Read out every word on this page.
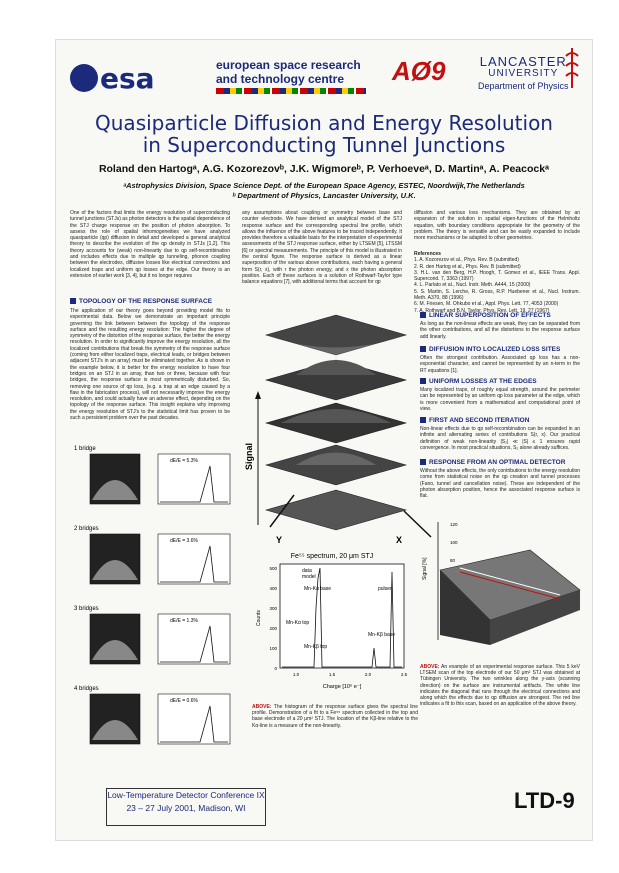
esa	european space research
and technology centre	AØ9	LANCASTER
UNIVERSITY
Department of Physics
Quasiparticle Diffusion and Energy Resolution
in Superconducting Tunnel Junctions
Roland den Hartogᵃ, A.G. Kozorezovᵇ, J.K. Wigmoreᵇ, P. Verhoeveᵃ, D. Martinᵃ, A. Peacockᵃ
ᵃAstrophysics Division, Space Science Dept. of the European Space Agency, ESTEC, Noordwijk,The Netherlands
ᵇ Department of Physics, Lancaster University, U.K.
One of the factors that limits the energy resolution of superconducting tunnel junctions (STJs) as photon detectors is the spatial dependence of the STJ charge response on the position of photon absorption. To assess the role of spatial inhomogeneities we have analyzed quasiparticle (qp) diffusion in detail and developed a general analytical theory to describe the evolution of the qp density in STJs [1,2]. This theory accounts for (weak) non-linearity due to qp self-recombination and includes effects due to multiple qp tunneling, phonon coupling between the electrodes, diffusive losses like electrical connections and localized traps and uniform qp losses at the edge. Our theory is an extension of earlier work [3, 4], but it no longer requires
any assumptions about coupling or symmetry between base and counter electrode. We have derived an analytical model of the STJ response surface and the corresponding spectral line profile, which allows the influence of the above features to be traced independently. It provides therefore a valuable basis for the interpretation of experimental assessments of the STJ response surface, either by LTSEM [5], LTSSM [6] or spectral measurements. The principle of this model is illustrated in the central figure. The response surface is derived as a linear superposition of the various above contributions, each having a general form S(r, x), with r the photon energy, and x the photon absorption position. Each of these surfaces is a solution of Rothwarf-Taylor type balance equations [7], with additional terms that account for qp
diffusion and various loss mechanisms. They are obtained by an expansion of the solution in spatial eigen-functions of the Helmholtz equation, with boundary conditions appropriate for the geometry of the problem. The theory is versatile and can be easily expanded to include more mechanisms or be adapted to other geometries.
References
1. A. Kozorezov et al., Phys. Rev. B (submitted)
2. R. den Hartog et al., Phys. Rev. B (submitted)
3. H.L. van den Berg, H.P. Hoogh, T. Gomez et al., IEEE Trans. Appl. Supercond. 7, 3363 (1997)
4. L. Parlato et al., Nucl. Instr. Meth. A444, 15 (2000)
5. S. Martin, S. Lerche, R. Gross, R.P. Huebener et al., Nucl. Instrum. Meth. A370, 88 (1996)
6. M. Friesen, M. Ohkubo et al., Appl. Phys. Lett. 77, 4053 (2000)
7. A. Rothwarf and B.N. Taylor, Phys. Rev. Lett. 19, 27 (1967)
TOPOLOGY OF THE RESPONSE SURFACE
The application of our theory goes beyond providing model fits to experimental data. Below we demonstrate an important principle governing the link between between the topology of the response surface and the resulting energy resolution: The higher the degree of symmetry of the distortion of the response surface, the better the energy resolution. In order to significantly improve the energy resolution, all the localized contributions that break the symmetry of the response surface (coming from either localized traps, electrical leads, or bridges between adjacent STJ's in an array) must be eliminated together. As is shown in the example below, it is better for the energy resolution to have four bridges on an STJ in an array, than two or three, because with four bridges, the response surface is most symmetrically disturbed. So, removing one source of qp loss, (e.g. a trap at an edge caused by a flaw in the fabrication process), will not necessarily improve the energy resolution, and could actually have an adverse effect, depending on the topology of the response surface. This insight explains why improving the energy resolution of STJ's to the statistical limit has proven to be such a persistent problem over the past decades.
1 bridge
dE/E = 5.3%
2 bridges
dE/E = 3.6%
3 bridges
dE/E = 1.3%
4 bridges
dE/E = 0.6%
Signal
Y	X
LINEAR SUPERPOSITION OF EFFECTS
As long as the non-linear effects are weak, they can be separated from the other contributions, and all the distortions to the response surface add linearly.
DIFFUSION INTO LOCALIZED LOSS SITES
Often the strongest contribution. Associated qp loss has a non-exponential character, and cannot be represented by an n-term in the RT equations [1].
UNIFORM LOSSES AT THE EDGES
Many localized traps, of roughly equal strength, around the perimeter can be represented by an uniform qp loss parameter at the edge, which is more convenient from a mathematical and computational point of view.
FIRST AND SECOND ITERATION
Non-linear effects due to qp self-recombination can be expanded in an infinite and alternating series of contributions S(r, x). Our practical definition of weak non-linearity |S₂| ≪ |S| ≤ 1 ensures rapid convergence. In most practical situations, S₂ alone already suffices.
RESPONSE FROM AN OPTIMAL DETECTOR
Without the above effects, the only contributions to the energy resolution come from statistical noise on the qp creation and tunnel processes (Fano, tunnel and cancellation noise). These are independent of the photon absorption position, hence the associated response surface is flat.
Fe⁵⁵ spectrum, 20 μm STJ
500
400
300
200
100
0
1.0	1.5	2.0	2.5
Counts
Charge [10⁶ e⁻]
data
model
Mn-Kα base	pulser
Mn-Kα top
Mn-Kβ top
Mn-Kβ base
ABOVE: The histogram of the response surface gives the spectral line profile. Demonstration of a fit to a Fe⁵⁵ spectrum collected in the top and base electrode of a 20 μm² STJ. The location of the Kβ-line relative to the Kα-line is a measure of the non-linearity.
120
100
80
Signal [%]
ABOVE: An example of an experimental response surface. This 5 keV LTSEM scan of the top electrode of our 50 μm² STJ was obtained at Tübingen University. The two wrinkles along the y-axis (scanning direction) on the surface are instrumental artifacts. The white line indicates the diagonal that runs through the electrical connections and along which the effects due to qp diffusion are strongest. The red line indicates a fit to this scan, based on an application of the above theory.
Low-Temperature Detector Conference IX
23 – 27 July 2001, Madison, WI	LTD-9
